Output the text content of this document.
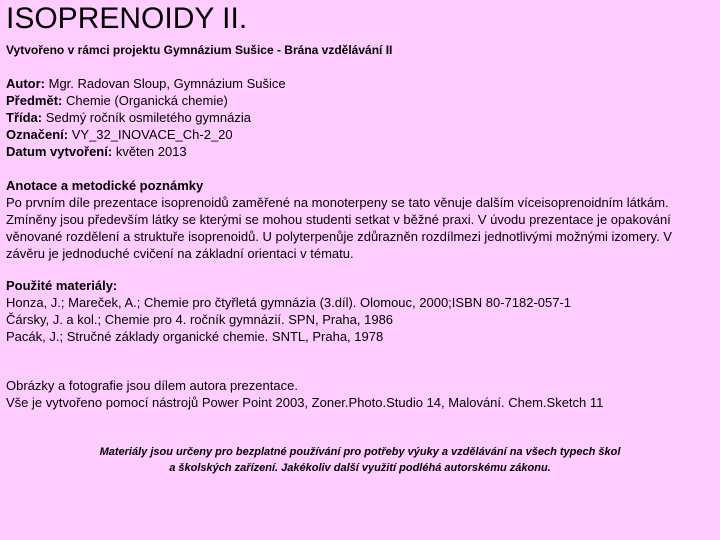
ISOPRENOIDY II.
Vytvořeno v rámci projektu Gymnázium Sušice - Brána vzdělávání II
Autor: Mgr. Radovan Sloup, Gymnázium Sušice
Předmět: Chemie (Organická chemie)
Třída: Sedmý ročník osmiletého gymnázia
Označení: VY_32_INOVACE_Ch-2_20
Datum vytvoření: květen 2013
Anotace a metodické poznámky
Po prvním díle prezentace isoprenoidů zaměřené na monoterpeny se tato věnuje dalším víceisoprenoidním látkám. Zmíněny jsou především látky se kterými se mohou studenti setkat v běžné praxi. V úvodu prezentace je opakování věnované rozdělení a struktuře isoprenoidů. U polyterpenůje zdůrazněn rozdílmezi jednotlivými možnými izomery. V závěru je jednoduché cvičení na základní orientaci v tématu.
Použité materiály:
Honza, J.; Mareček, A.; Chemie pro čtyřletá gymnázia (3.díl). Olomouc, 2000;ISBN 80-7182-057-1
Čársky, J. a kol.; Chemie pro 4. ročník gymnázií. SPN, Praha, 1986
Pacák, J.; Stručné základy organické chemie. SNTL, Praha, 1978
Obrázky a fotografie jsou dílem autora prezentace.
Vše je vytvořeno pomocí nástrojů Power Point 2003, Zoner.Photo.Studio 14, Malování. Chem.Sketch 11
Materiály jsou určeny pro bezplatné používání pro potřeby výuky a vzdělávání na všech typech škol
a školských zařízení. Jakékoliv další využití podléhá autorskému zákonu.
